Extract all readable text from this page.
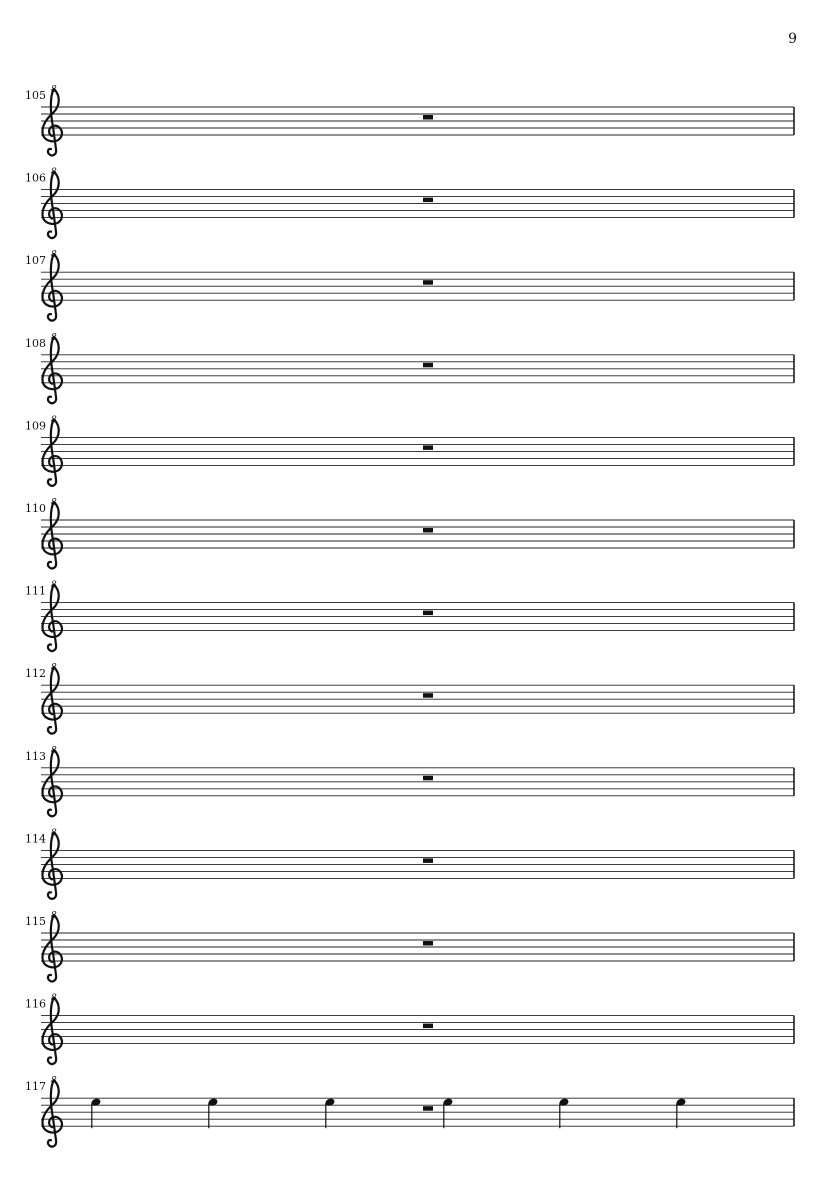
9
105 8
106 8
107 8
108 8
109 8
110 8
111 8
112 8
113 8
114 8
115 8
116 8
117 8
